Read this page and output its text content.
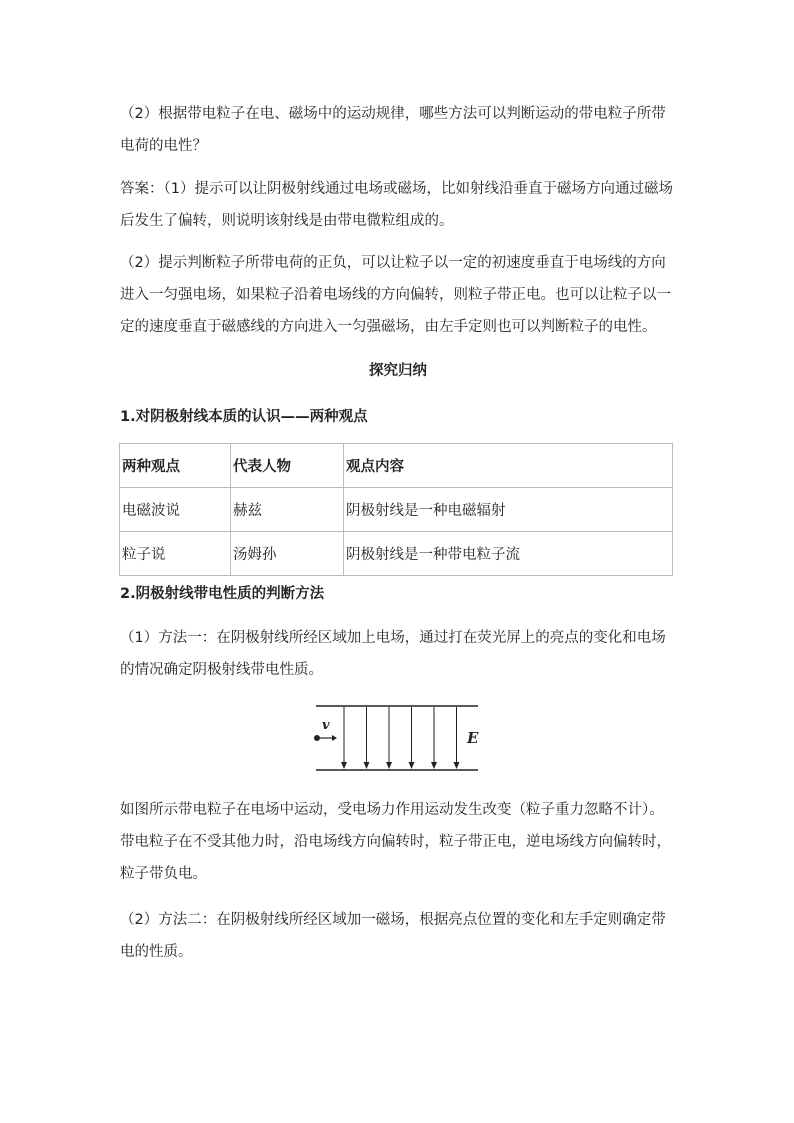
（2）根据带电粒子在电、磁场中的运动规律，哪些方法可以判断运动的带电粒子所带电荷的电性？

答案：（1）提示可以让阴极射线通过电场或磁场，比如射线沿垂直于磁场方向通过磁场后发生了偏转，则说明该射线是由带电微粒组成的。

（2）提示判断粒子所带电荷的正负，可以让粒子以一定的初速度垂直于电场线的方向进入一匀强电场，如果粒子沿着电场线的方向偏转，则粒子带正电。也可以让粒子以一定的速度垂直于磁感线的方向进入一匀强磁场，由左手定则也可以判断粒子的电性。

探究归纳

1.对阴极射线本质的认识——两种观点

两种观点	代表人物	观点内容
电磁波说	赫兹	阴极射线是一种电磁辐射
粒子说	汤姆孙	阴极射线是一种带电粒子流

2.阴极射线带电性质的判断方法

（1）方法一：在阴极射线所经区域加上电场，通过打在荧光屏上的亮点的变化和电场的情况确定阴极射线带电性质。

v
E

如图所示带电粒子在电场中运动，受电场力作用运动发生改变（粒子重力忽略不计）。带电粒子在不受其他力时，沿电场线方向偏转时，粒子带正电，逆电场线方向偏转时，粒子带负电。

（2）方法二：在阴极射线所经区域加一磁场，根据亮点位置的变化和左手定则确定带电的性质。
